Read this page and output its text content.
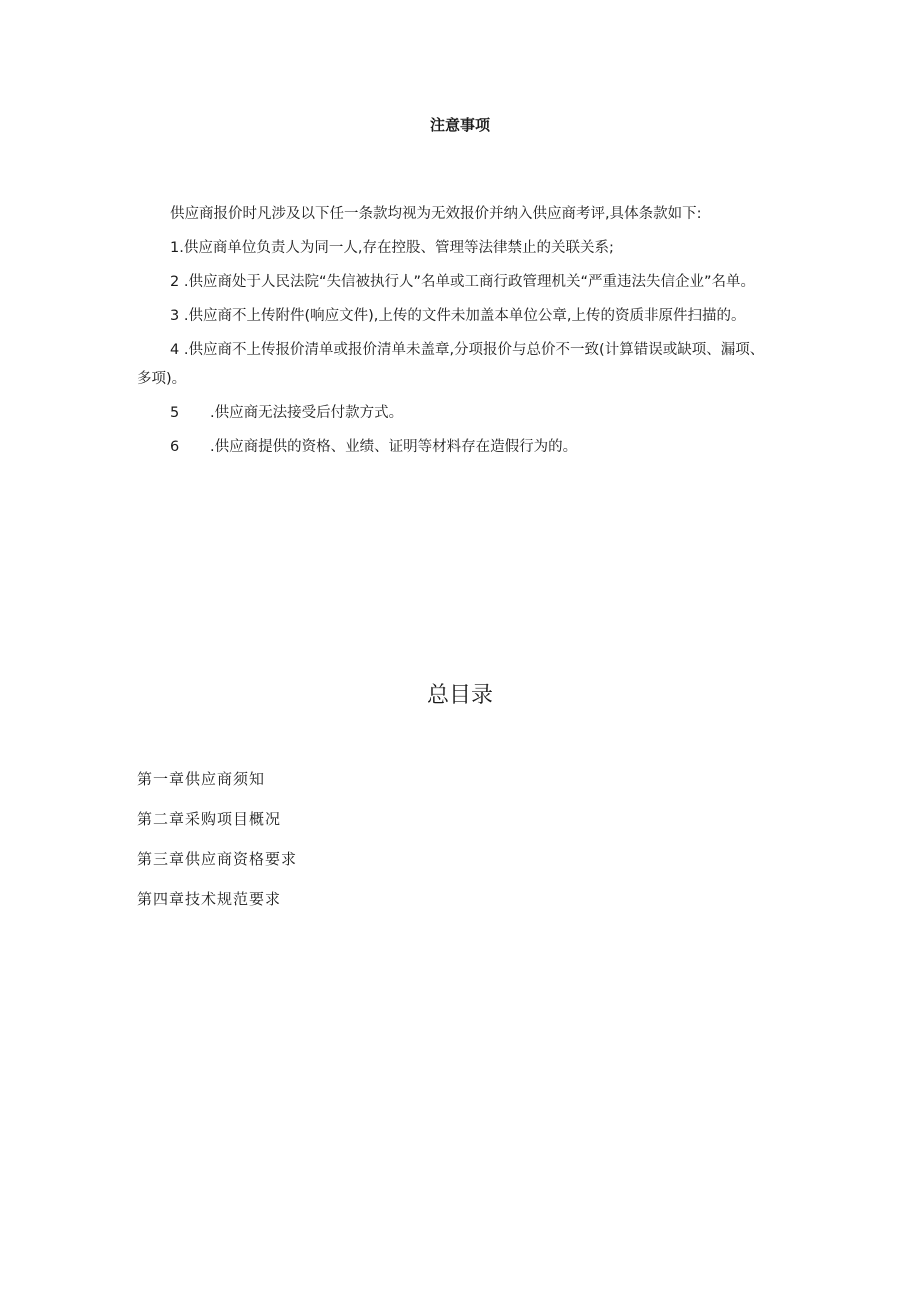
注意事项

供应商报价时凡涉及以下任一条款均视为无效报价并纳入供应商考评,具体条款如下:

1.供应商单位负责人为同一人,存在控股、管理等法律禁止的关联关系;

2 .供应商处于人民法院“失信被执行人”名单或工商行政管理机关“严重违法失信企业”名单。

3 .供应商不上传附件(响应文件),上传的文件未加盖本单位公章,上传的资质非原件扫描的。

4 .供应商不上传报价清单或报价清单未盖章,分项报价与总价不一致(计算错误或缺项、漏项、多项)。

5 .供应商无法接受后付款方式。

6 .供应商提供的资格、业绩、证明等材料存在造假行为的。

总目录
第一章供应商须知
第二章采购项目概况
第三章供应商资格要求
第四章技术规范要求
